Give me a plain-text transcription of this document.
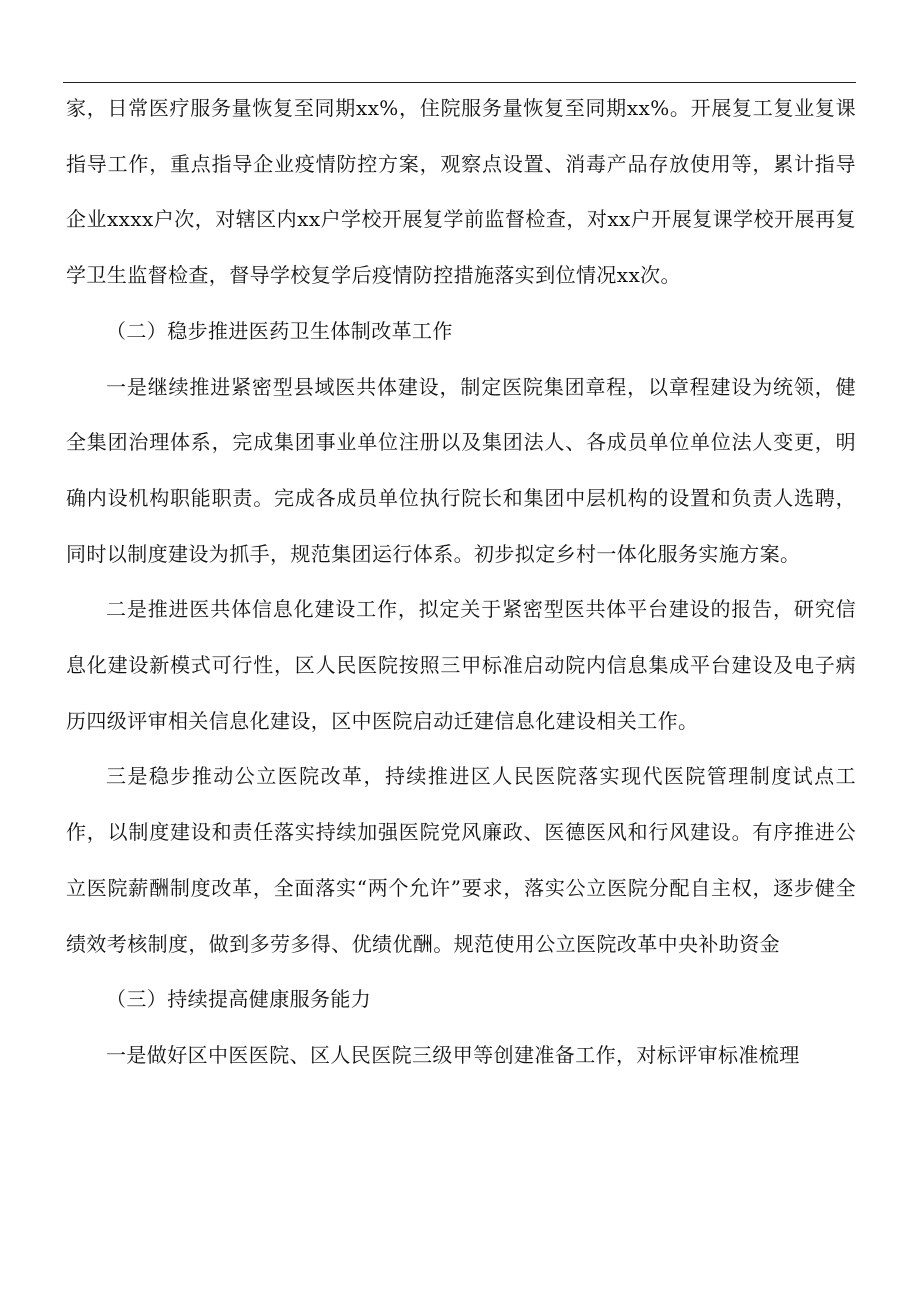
家，日常医疗服务量恢复至同期xx%，住院服务量恢复至同期xx%。开展复工复业复课指导工作，重点指导企业疫情防控方案，观察点设置、消毒产品存放使用等，累计指导企业xxxx户次，对辖区内xx户学校开展复学前监督检查，对xx户开展复课学校开展再复学卫生监督检查，督导学校复学后疫情防控措施落实到位情况xx次。

（二）稳步推进医药卫生体制改革工作

一是继续推进紧密型县域医共体建设，制定医院集团章程，以章程建设为统领，健全集团治理体系，完成集团事业单位注册以及集团法人、各成员单位单位法人变更，明确内设机构职能职责。完成各成员单位执行院长和集团中层机构的设置和负责人选聘，同时以制度建设为抓手，规范集团运行体系。初步拟定乡村一体化服务实施方案。

二是推进医共体信息化建设工作，拟定关于紧密型医共体平台建设的报告，研究信息化建设新模式可行性，区人民医院按照三甲标准启动院内信息集成平台建设及电子病历四级评审相关信息化建设，区中医院启动迁建信息化建设相关工作。

三是稳步推动公立医院改革，持续推进区人民医院落实现代医院管理制度试点工作，以制度建设和责任落实持续加强医院党风廉政、医德医风和行风建设。有序推进公立医院薪酬制度改革，全面落实“两个允许”要求，落实公立医院分配自主权，逐步健全绩效考核制度，做到多劳多得、优绩优酬。规范使用公立医院改革中央补助资金

（三）持续提高健康服务能力

一是做好区中医医院、区人民医院三级甲等创建准备工作，对标评审标准梳理
